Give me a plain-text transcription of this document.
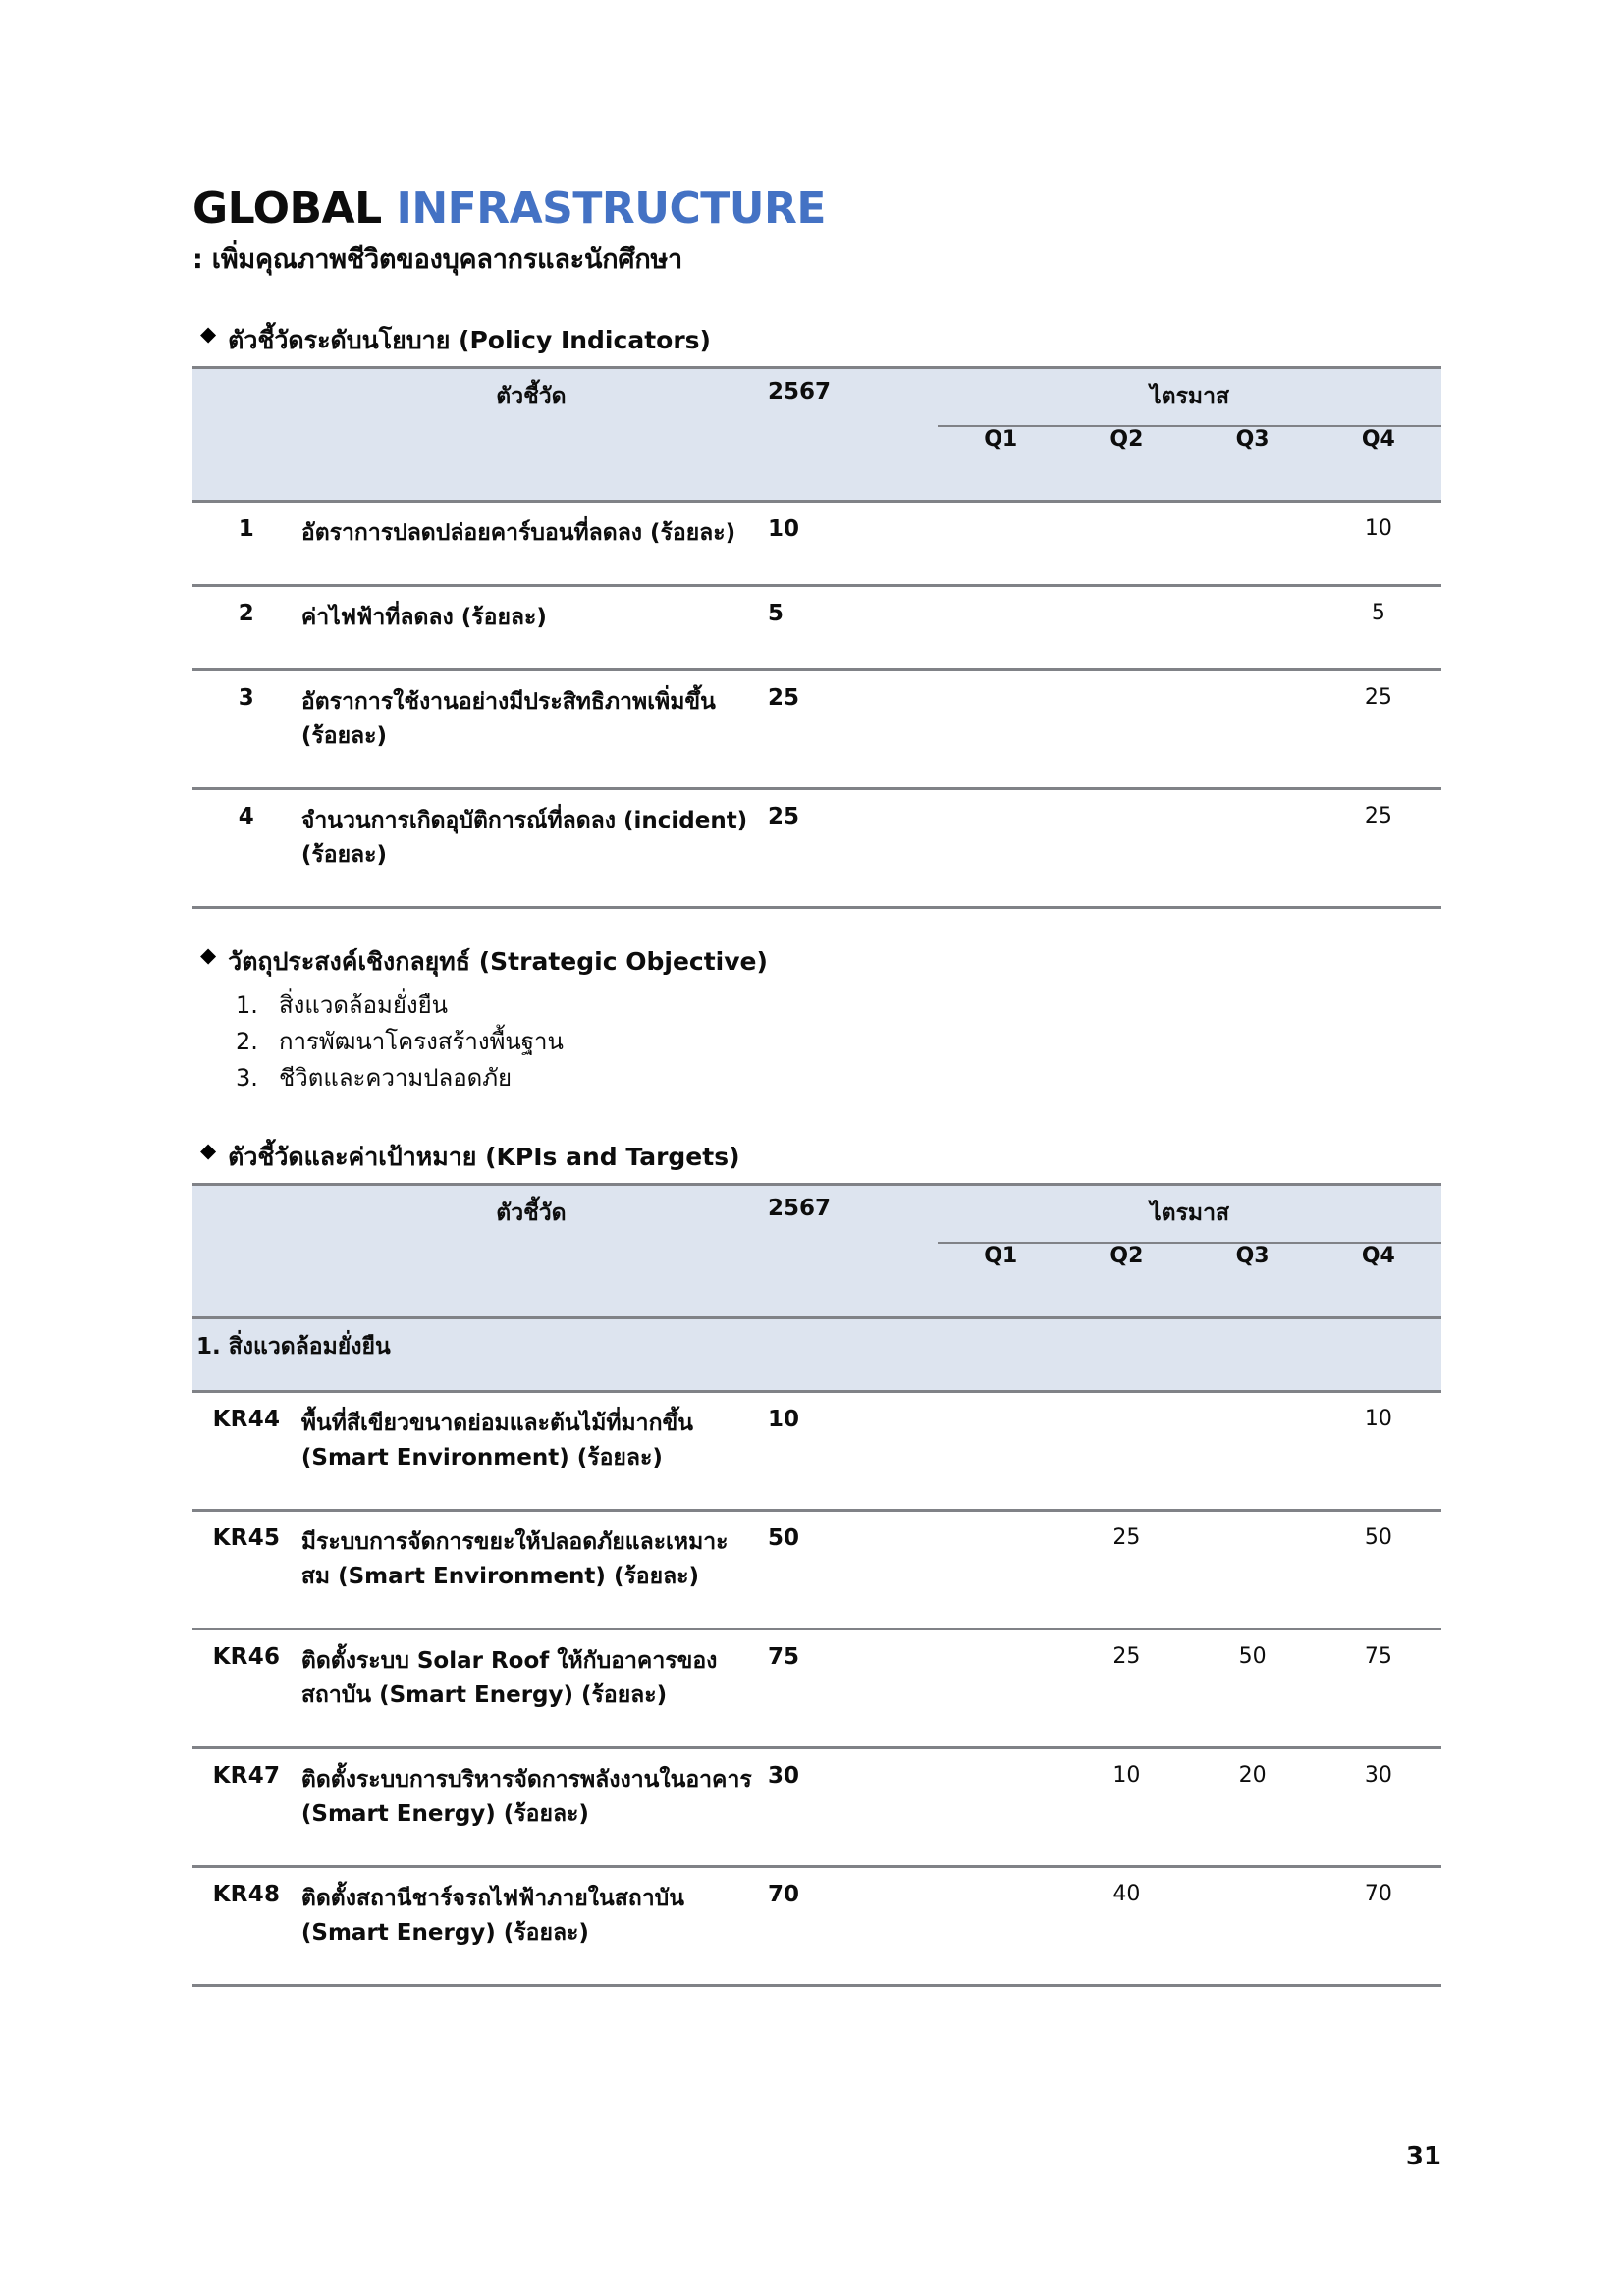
GLOBAL INFRASTRUCTURE
: เพิ่มคุณภาพชีวิตของบุคลากรและนักศึกษา
◆ ตัวชี้วัดระดับนโยบาย (Policy Indicators)

	ตัวชี้วัด	2567	ไตรมาส			
			Q1	Q2	Q3	Q4

1	อัตราการปลดปล่อยคาร์บอนที่ลดลง (ร้อยละ)	10				10
2	ค่าไฟฟ้าที่ลดลง (ร้อยละ)	5				5
3	อัตราการใช้งานอย่างมีประสิทธิภาพเพิ่มขึ้น (ร้อยละ)	25				25
4	จำนวนการเกิดอุบัติการณ์ที่ลดลง (incident) (ร้อยละ)	25				25

◆ วัตถุประสงค์เชิงกลยุทธ์ (Strategic Objective)
1. สิ่งแวดล้อมยั่งยืน
2. การพัฒนาโครงสร้างพื้นฐาน
3. ชีวิตและความปลอดภัย
◆ ตัวชี้วัดและค่าเป้าหมาย (KPIs and Targets)

	ตัวชี้วัด	2567	ไตรมาส			
			Q1	Q2	Q3	Q4

1. สิ่งแวดล้อมยั่งยืน						
KR44	พื้นที่สีเขียวขนาดย่อมและต้นไม้ที่มากขึ้น (Smart Environment) (ร้อยละ)	10				10
KR45	มีระบบการจัดการขยะให้ปลอดภัยและเหมาะสม (Smart Environment) (ร้อยละ)	50		25		50
KR46	ติดตั้งระบบ Solar Roof ให้กับอาคารของสถาบัน (Smart Energy) (ร้อยละ)	75		25	50	75
KR47	ติดตั้งระบบการบริหารจัดการพลังงานในอาคาร (Smart Energy) (ร้อยละ)	30		10	20	30
KR48	ติดตั้งสถานีชาร์จรถไฟฟ้าภายในสถาบัน (Smart Energy) (ร้อยละ)	70		40		70

31
